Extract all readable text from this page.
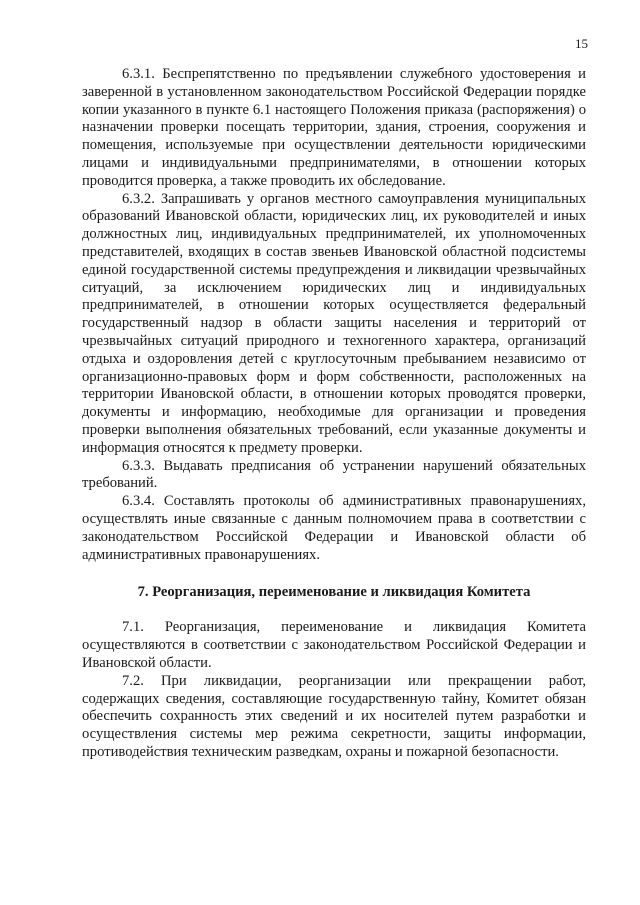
15

6.3.1. Беспрепятственно по предъявлении служебного удостоверения и заверенной в установленном законодательством Российской Федерации порядке копии указанного в пункте 6.1 настоящего Положения приказа (распоряжения) о назначении проверки посещать территории, здания, строения, сооружения и помещения, используемые при осуществлении деятельности юридическими лицами и индивидуальными предпринимателями, в отношении которых проводится проверка, а также проводить их обследование.

6.3.2. Запрашивать у органов местного самоуправления муниципальных образований Ивановской области, юридических лиц, их руководителей и иных должностных лиц, индивидуальных предпринимателей, их уполномоченных представителей, входящих в состав звеньев Ивановской областной подсистемы единой государственной системы предупреждения и ликвидации чрезвычайных ситуаций, за исключением юридических лиц и индивидуальных предпринимателей, в отношении которых осуществляется федеральный государственный надзор в области защиты населения и территорий от чрезвычайных ситуаций природного и техногенного характера, организаций отдыха и оздоровления детей с круглосуточным пребыванием независимо от организационно-правовых форм и форм собственности, расположенных на территории Ивановской области, в отношении которых проводятся проверки, документы и информацию, необходимые для организации и проведения проверки выполнения обязательных требований, если указанные документы и информация относятся к предмету проверки.

6.3.3. Выдавать предписания об устранении нарушений обязательных требований.

6.3.4. Составлять протоколы об административных правонарушениях, осуществлять иные связанные с данным полномочием права в соответствии с законодательством Российской Федерации и Ивановской области об административных правонарушениях.

7. Реорганизация, переименование и ликвидация Комитета

7.1. Реорганизация, переименование и ликвидация Комитета осуществляются в соответствии с законодательством Российской Федерации и Ивановской области.

7.2. При ликвидации, реорганизации или прекращении работ, содержащих сведения, составляющие государственную тайну, Комитет обязан обеспечить сохранность этих сведений и их носителей путем разработки и осуществления системы мер режима секретности, защиты информации, противодействия техническим разведкам, охраны и пожарной безопасности.
